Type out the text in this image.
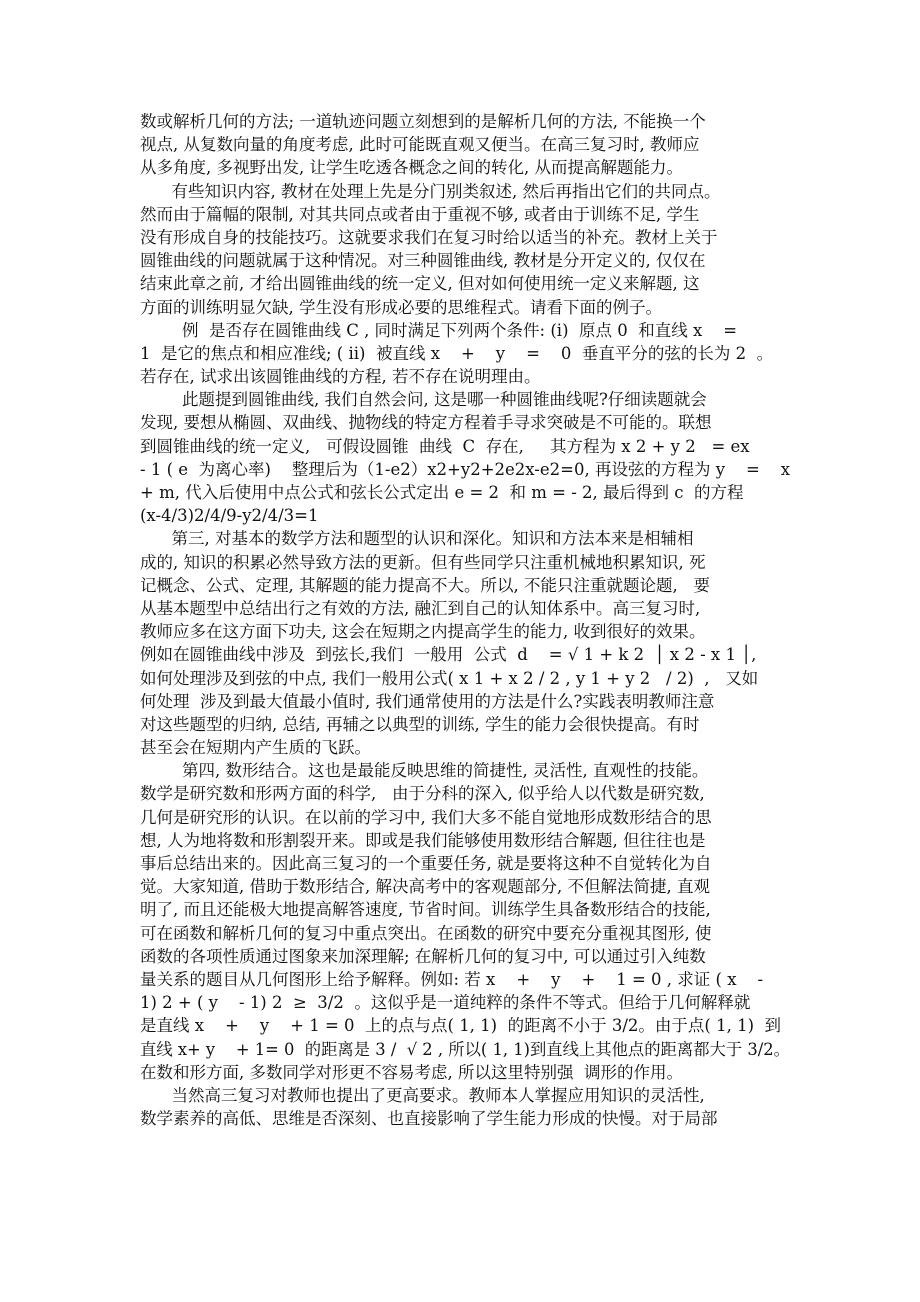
数或解析几何的方法; 一道轨迹问题立刻想到的是解析几何的方法, 不能换一个
视点, 从复数向量的角度考虑, 此时可能既直观又便当。在高三复习时, 教师应
从多角度, 多视野出发, 让学生吃透各概念之间的转化, 从而提高解题能力。
有些知识内容, 教材在处理上先是分门别类叙述, 然后再指出它们的共同点。
然而由于篇幅的限制, 对其共同点或者由于重视不够, 或者由于训练不足, 学生
没有形成自身的技能技巧。这就要求我们在复习时给以适当的补充。教材上关于
圆锥曲线的问题就属于这种情况。对三种圆锥曲线, 教材是分开定义的, 仅仅在
结束此章之前, 才给出圆锥曲线的统一定义, 但对如何使用统一定义来解题, 这
方面的训练明显欠缺, 学生没有形成必要的思维程式。请看下面的例子。
例  是否存在圆锥曲线 C , 同时满足下列两个条件: (i)  原点 0  和直线 x    =
1  是它的焦点和相应准线; ( ii)  被直线 x    +    y    =    0  垂直平分的弦的长为 2  。
若存在, 试求出该圆锥曲线的方程, 若不存在说明理由。
此题提到圆锥曲线, 我们自然会问, 这是哪一种圆锥曲线呢?仔细读题就会
发现, 要想从椭圆、双曲线、抛物线的特定方程着手寻求突破是不可能的。联想
到圆锥曲线的统一定义,   可假设圆锥  曲线  C  存在,     其方程为 x 2 + y 2   = ex
- 1 ( e  为离心率)    整理后为（1-e2）x2+y2+2e2x-e2=0, 再设弦的方程为 y    =    x
+ m, 代入后使用中点公式和弦长公式定出 e = 2  和 m = - 2, 最后得到 c  的方程
(x-4/3)2/4/9-y2/4/3=1
第三, 对基本的数学方法和题型的认识和深化。知识和方法本来是相辅相
成的, 知识的积累必然导致方法的更新。但有些同学只注重机械地积累知识, 死
记概念、公式、定理, 其解题的能力提高不大。所以, 不能只注重就题论题,   要
从基本题型中总结出行之有效的方法, 融汇到自己的认知体系中。高三复习时,
教师应多在这方面下功夫, 这会在短期之内提高学生的能力, 收到很好的效果。
例如在圆锥曲线中涉及  到弦长,我们  一般用  公式  d    = √ 1 + k 2  │ x 2 - x 1 │,
如何处理涉及到弦的中点, 我们一般用公式( x 1 + x 2 / 2 , y 1 + y 2   / 2)  ,   又如
何处理  涉及到最大值最小值时, 我们通常使用的方法是什么?实践表明教师注意
对这些题型的归纳, 总结, 再辅之以典型的训练, 学生的能力会很快提高。有时
甚至会在短期内产生质的飞跃。
第四, 数形结合。这也是最能反映思维的简捷性, 灵活性, 直观性的技能。
数学是研究数和形两方面的科学,   由于分科的深入, 似乎给人以代数是研究数,
几何是研究形的认识。在以前的学习中, 我们大多不能自觉地形成数形结合的思
想, 人为地将数和形割裂开来。即或是我们能够使用数形结合解题, 但往往也是
事后总结出来的。因此高三复习的一个重要任务, 就是要将这种不自觉转化为自
觉。大家知道, 借助于数形结合, 解决高考中的客观题部分, 不但解法简捷, 直观
明了, 而且还能极大地提高解答速度, 节省时间。训练学生具备数形结合的技能,
可在函数和解析几何的复习中重点突出。在函数的研究中要充分重视其图形, 使
函数的各项性质通过图象来加深理解; 在解析几何的复习中, 可以通过引入纯数
量关系的题目从几何图形上给予解释。例如: 若 x    +    y    +    1 = 0 , 求证 ( x    -
1) 2 + ( y    - 1) 2  ≥  3/2  。这似乎是一道纯粹的条件不等式。但给于几何解释就
是直线 x    +    y    + 1 = 0  上的点与点( 1, 1)  的距离不小于 3/2。由于点( 1, 1)  到
直线 x+ y    + 1= 0  的距离是 3 /  √ 2 , 所以( 1, 1)到直线上其他点的距离都大于 3/2。
在数和形方面, 多数同学对形更不容易考虑, 所以这里特别强  调形的作用。
当然高三复习对教师也提出了更高要求。教师本人掌握应用知识的灵活性,
数学素养的高低、思维是否深刻、也直接影响了学生能力形成的快慢。对于局部
